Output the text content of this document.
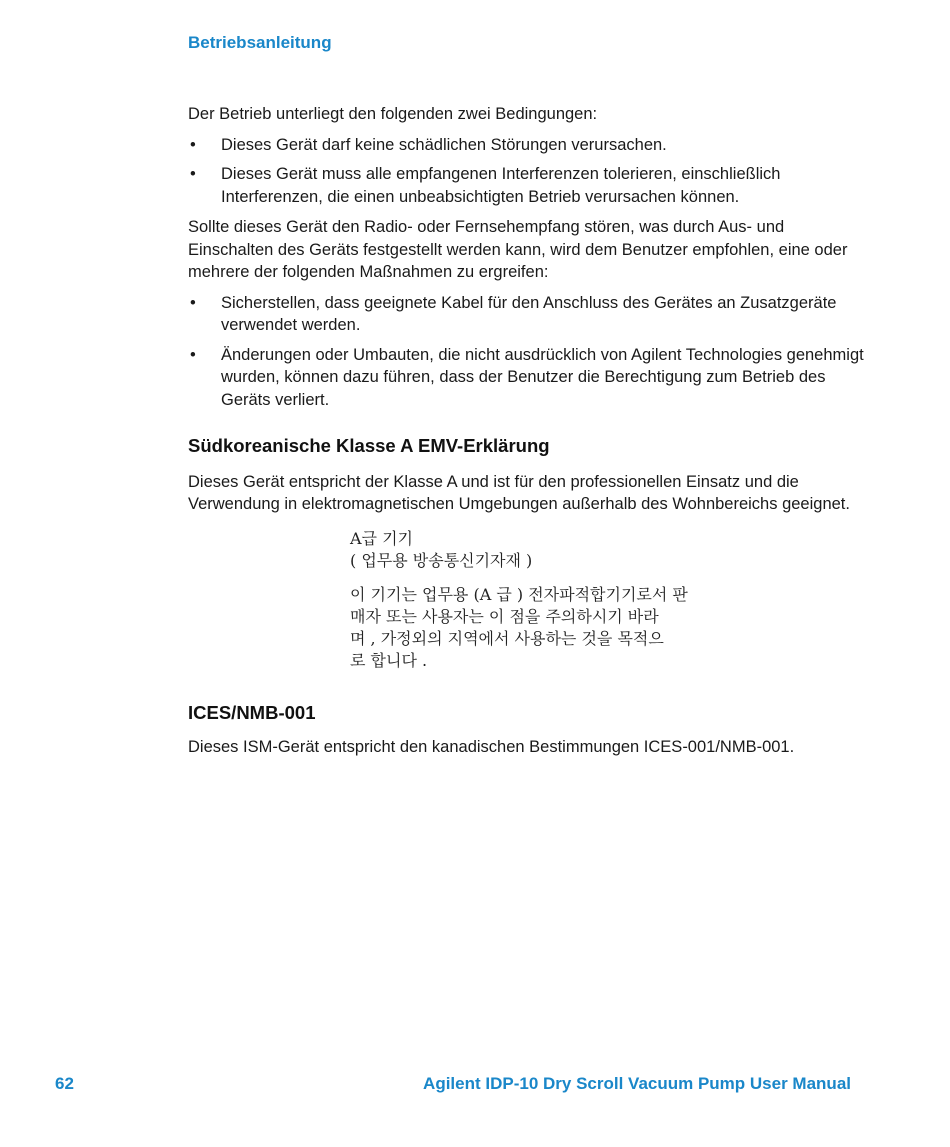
Betriebsanleitung

Der Betrieb unterliegt den folgenden zwei Bedingungen:

• Dieses Gerät darf keine schädlichen Störungen verursachen.
• Dieses Gerät muss alle empfangenen Interferenzen tolerieren, einschließlich Interferenzen, die einen unbeabsichtigten Betrieb verursachen können.

Sollte dieses Gerät den Radio- oder Fernsehempfang stören, was durch Aus- und Einschalten des Geräts festgestellt werden kann, wird dem Benutzer empfohlen, eine oder mehrere der folgenden Maßnahmen zu ergreifen:

• Sicherstellen, dass geeignete Kabel für den Anschluss des Gerätes an Zusatzgeräte verwendet werden.
• Änderungen oder Umbauten, die nicht ausdrücklich von Agilent Technologies genehmigt wurden, können dazu führen, dass der Benutzer die Berechtigung zum Betrieb des Geräts verliert.
Südkoreanische Klasse A EMV-Erklärung

Dieses Gerät entspricht der Klasse A und ist für den professionellen Einsatz und die Verwendung in elektromagnetischen Umgebungen außerhalb des Wohnbereichs geeignet.

A급 기기
( 업무용 방송통신기자재 )
이 기기는 업무용 (A 급 ) 전자파적합기기로서 판
매자 또는 사용자는 이 점을 주의하시기 바라
며 , 가정외의 지역에서 사용하는 것을 목적으
로 합니다 .
ICES/NMB-001

Dieses ISM-Gerät entspricht den kanadischen Bestimmungen ICES-001/NMB-001.

62	Agilent IDP-10 Dry Scroll Vacuum Pump User Manual
